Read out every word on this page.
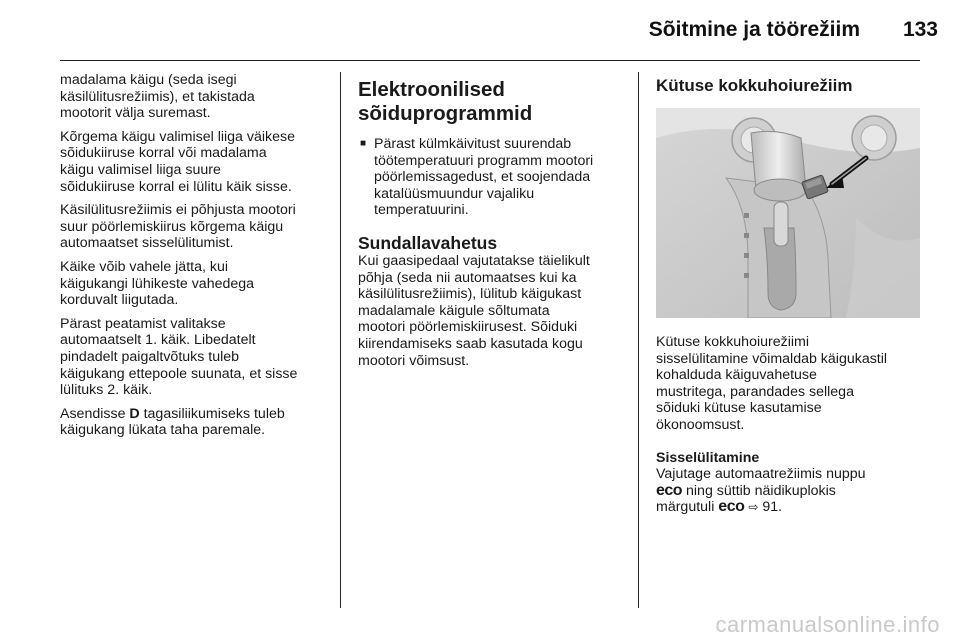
Sõitmine ja töörežiim	133

madalama käigu (seda isegi
käsilülitusrežiimis), et takistada
mootorit välja suremast.

Kõrgema käigu valimisel liiga väikese
sõidukiiruse korral või madalama
käigu valimisel liiga suure
sõidukiiruse korral ei lülitu käik sisse.

Käsilülitusrežiimis ei põhjusta mootori
suur pöörlemiskiirus kõrgema käigu
automaatset sisselülitumist.

Käike võib vahele jätta, kui
käigukangi lühikeste vahedega
korduvalt liigutada.

Pärast peatamist valitakse
automaatselt 1. käik. Libedatelt
pindadelt paigaltvõtuks tuleb
käigukang ettepoole suunata, et sisse
lülituks 2. käik.

Asendisse D tagasiliikumiseks tuleb
käigukang lükata taha paremale.

Elektroonilised
sõiduprogrammid
■ Pärast külmkäivitust suurendab
töötemperatuuri programm mootori
pöörlemissagedust, et soojendada
katalüüsmuundur vajaliku
temperatuurini.
Sundallavahetus

Kui gaasipedaal vajutatakse täielikult
põhja (seda nii automaatses kui ka
käsilülitusrežiimis), lülitub käigukast
madalamale käigule sõltumata
mootori pöörlemiskiirusest. Sõiduki
kiirendamiseks saab kasutada kogu
mootori võimsust.

Kütuse kokkuhoiurežiim

Kütuse kokkuhoiurežiimi
sisselülitamine võimaldab käigukastil
kohalduda käiguvahetuse
mustritega, parandades sellega
sõiduki kütuse kasutamise
ökonoomsust.

Sisselülitamine

Vajutage automaatrežiimis nuppu
eco ning süttib näidikuplokis
märgutuli eco ⇨ 91.

carmanualsonline.info
